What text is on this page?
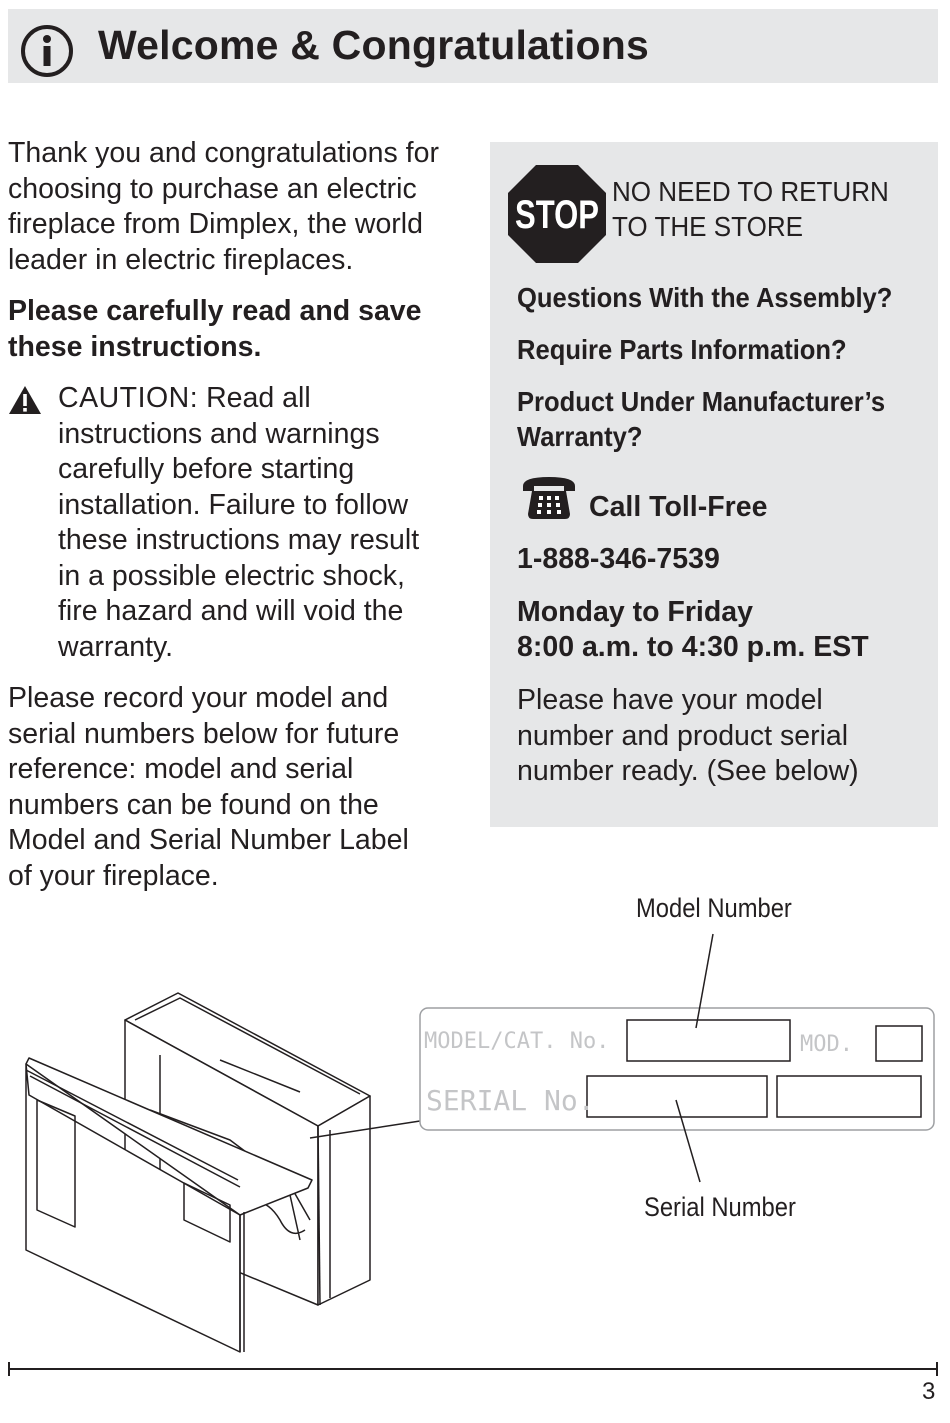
Welcome & Congratulations

Thank you and congratulations for choosing to purchase an electric fireplace from Dimplex, the world leader in electric fireplaces.

Please carefully read and save these instructions.

CAUTION: Read all instructions and warnings carefully before starting installation. Failure to follow these instructions may result in a possible electric shock, fire hazard and will void the warranty.

Please record your model and serial numbers below for future reference: model and serial numbers can be found on the Model and Serial Number Label of your fireplace.

STOP
NO NEED TO RETURN
TO THE STORE
Questions With the Assembly?
Require Parts Information?
Product Under Manufacturer’s
Warranty?
Call Toll-Free
1-888-346-7539
Monday to Friday
8:00 a.m. to 4:30 p.m. EST
Please have your model number and product serial number ready. (See below)
Model Number
Serial Number
MODEL/CAT. No.	MOD.
SERIAL No.
3
